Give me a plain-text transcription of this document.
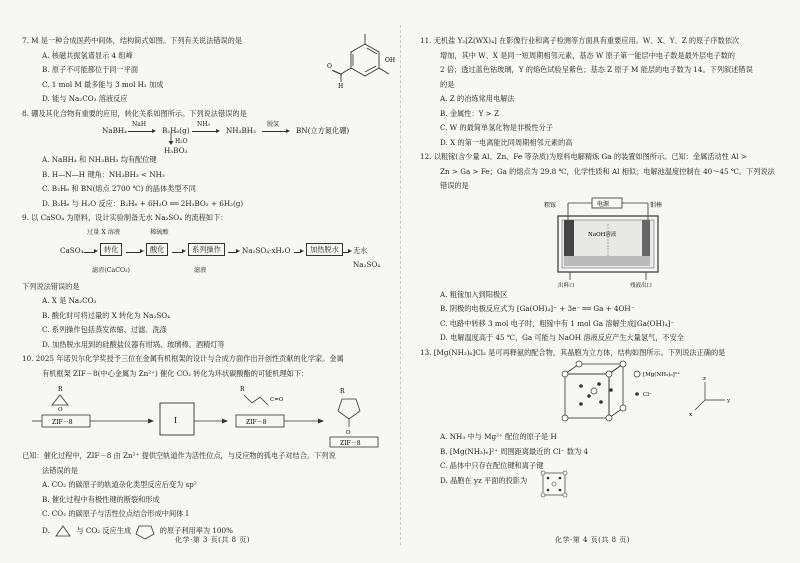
7. M 是一种合成医药中间体，结构简式如图。下列有关说法错误的是
A. 核磁共振氢谱显示 4 组峰
B. 原子不可能都位于同一平面
C. 1 mol M 最多能与 3 mol H₂ 加成
D. 能与 Na₂CO₃ 溶液反应
O
H
OH
8. 硼及其化合物有重要的应用，转化关系如图所示。下列说法错误的是
NaBH₄
NaH
B₂H₆(g)
NH₃
NH₃BH₃
脱氢
BN(立方氮化硼)
H₂O
H₃BO₃
A. NaBH₄ 和 NH₃BH₃ 均有配位键
B. H—N—H 键角：NH₃BH₃ < NH₃
C. B₂H₆ 和 BN(熔点 2700 ℃) 的晶体类型不同
D. B₂H₆ 与 H₂O 反应：B₂H₆ + 6H₂O ══ 2H₃BO₃ + 6H₂(g)
9. 以 CaSO₄ 为原料，设计实验制备无水 Na₂SO₄ 的流程如下：
过量 X 溶液	稀硫酸
CaSO₄	转化	酸化	系列操作	Na₂SO₄·xH₂O	加热脱水	无水 Na₂SO₄
滤渣(CaCO₃)	滤液
下列说法错误的是
A. X 是 Na₂CO₃
B. 酸化时可将过量的 X 转化为 Na₂SO₄
C. 系列操作包括蒸发浓缩、过滤、洗涤
D. 加热脱水用到的硅酸盐仪器有坩埚、玻璃棒、酒精灯等
10. 2025 年诺贝尔化学奖授予三位在金属有机框架的设计与合成方面作出开创性贡献的化学家。金属
有机框架 ZIF－8(中心金属为 Zn²⁺) 催化 CO₂ 转化为环状碳酸酯的可能机理如下：
R
O
ZIF－8	I
R
C=O
ZIF－8
R
O
ZIF－8
已知：催化过程中，ZIF－8 由 Zn²⁺ 提供空轨道作为活性位点，与反应物的孤电子对结合。下列说
法错误的是
A. CO₂ 的碳原子的轨道杂化类型反应后变为 sp²
B. 催化过程中有极性键的断裂和形成
C. CO₂ 的碳原子与活性位点结合形成中间体 I
D.	与 CO₂ 反应生成	的原子利用率为 100%
化学·第 3 页(共 8 页)
11. 无机盐 Y₂[Z(WX)₄] 在影像行业和离子检测等方面具有重要应用。W、X、Y、Z 的原子序数依次
增加，其中 W、X 是同一短周期相邻元素，基态 W 原子第一能层中电子数是最外层电子数的
2 倍；透过蓝色钴玻璃，Y 的焰色试验呈紫色；基态 Z 原子 M 能层的电子数为 14。下列叙述错误
的是
A. Z 的冶炼常用电解法
B. 金属性：Y > Z
C. W 的最简单氢化物是非极性分子
D. X 的第一电离能比同周期相邻元素的高
12. 以粗镓(含少量 Al、Zn、Fe 等杂质)为原料电解精炼 Ga 的装置如图所示。已知：金属活动性 Al >
Zn > Ga > Fe；Ga 的熔点为 29.8 ℃，化学性质和 Al 相似；电解池温度控制在 40～45 ℃。下列说法
错误的是
电源
粗镓	钼棒
NaOH溶液
出料口	残液出口
A. 粗镓加入到阳极区
B. 阴极的电极反应式为 [Ga(OH)₄]⁻ + 3e⁻ ══ Ga + 4OH⁻
C. 电路中转移 3 mol 电子时，粗镓中有 1 mol Ga 溶解生成[Ga(OH)₄]⁻
D. 电解温度高于 45 ℃，Ga 可能与 NaOH 溶液反应产生大量氢气，不安全
13. [Mg(NH₃)₆]Cl₂ 是可再释氨的配合物，其晶胞为立方体，结构如图所示。下列说法正确的是
[Mg(NH₃)₆]²⁺
Cl⁻
z
y
x
A. NH₃ 中与 Mg²⁺ 配位的原子是 H
B. [Mg(NH₃)₆]²⁺ 周围距离最近的 Cl⁻ 数为 4
C. 晶体中只存在配位键和离子键
D. 晶胞在 yz 平面的投影为
化学·第 4 页(共 8 页)
